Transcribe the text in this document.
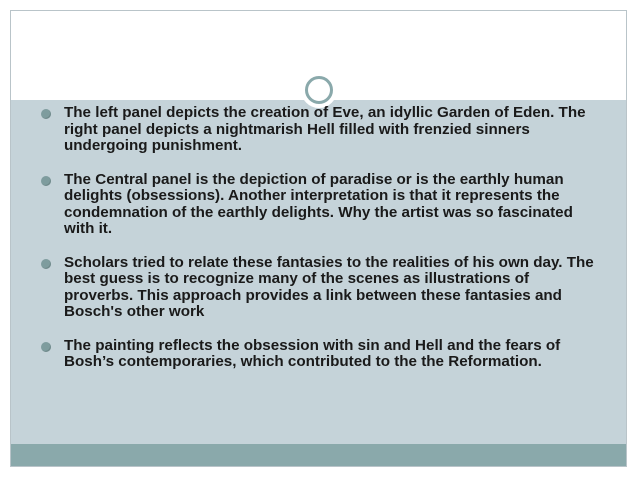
The left panel depicts the creation of Eve, an idyllic Garden of Eden. The right panel depicts a nightmarish Hell filled with frenzied sinners undergoing punishment.
The Central panel is the depiction of paradise or is the earthly human delights (obsessions). Another interpretation is that it represents the condemnation of the earthly delights. Why the artist was so fascinated with it.
Scholars tried to relate these fantasies to the realities of his own day. The best guess is to recognize many of the scenes as illustrations of proverbs. This approach provides a link between these fantasies and Bosch's other work
The painting reflects the obsession with sin and Hell and the fears of Bosh’s contemporaries, which contributed to the the Reformation.
